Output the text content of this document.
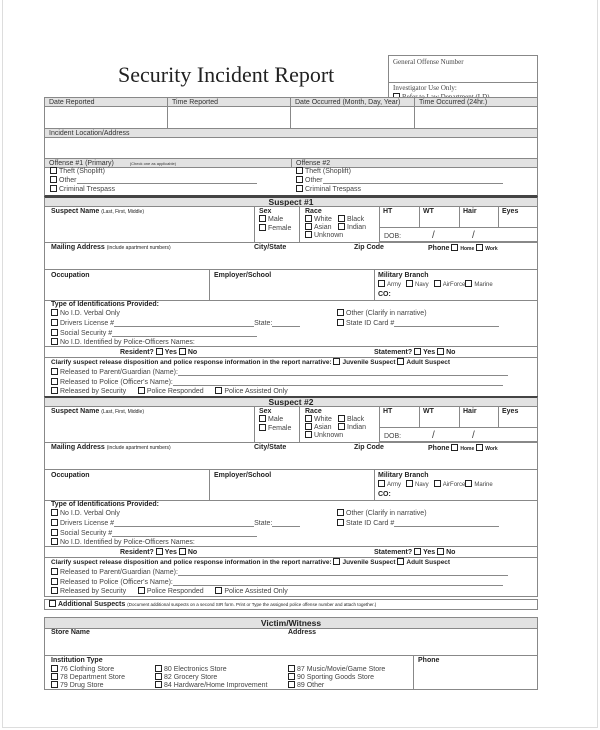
Security Incident Report	General Offense Number
Investigator Use Only:
Date Reported	Time Reported	Date Occurred (Month, Day, Year)	Time Occurred (24hr.)
Incident Location/Address
Offense #1 (Primary)	(Check one as applicable)	Offense #2
Theft (Shoplift)
Other
Criminal Trespass
Theft (Shoplift)
Other
Criminal Trespass
Suspect #1
Suspect Name (Last, First, Middle)	Sex
Male
Female
Race
White	Black
Asian	Indian
Unknown
HT	WT	Hair	Eyes
DOB:	/	/
Mailing Address (include apartment numbers)	City/State	Zip Code	Phone Home Work
Occupation	Employer/School	Military Branch
Army Navy AirForce Marine
CO:
Type of Identifications Provided:
No I.D. Verbal Only	Other (Clarify in narrative)
Drivers License #	State:	State ID Card #
Social Security #
No I.D. Identified by Police-Officers Names:
Resident? Yes No	Statement? Yes No
Clarify suspect release disposition and police response information in the report narrative: Juvenile Suspect Adult Suspect
Released to Parent/Guardian (Name):
Released to Police (Officer's Name):
Released by Security	Police Responded	Police Assisted Only
Suspect #2
Suspect Name (Last, First, Middle)	Sex
Male
Female
Race
White	Black
Asian	Indian
Unknown
HT	WT	Hair	Eyes
DOB:	/	/
Mailing Address (include apartment numbers)	City/State	Zip Code	Phone Home Work
Occupation	Employer/School	Military Branch
Army Navy AirForce Marine
CO:
Type of Identifications Provided:
No I.D. Verbal Only	Other (Clarify in narrative)
Drivers License #	State:	State ID Card #
Social Security #
No I.D. Identified by Police-Officers Names:
Resident? Yes No	Statement? Yes No
Clarify suspect release disposition and police response information in the report narrative: Juvenile Suspect Adult Suspect
Released to Parent/Guardian (Name):
Released to Police (Officer's Name):
Released by Security	Police Responded	Police Assisted Only
Additional Suspects (Document additional suspects on a second SIR form. Print or Type the assigned police offense number and attach together.)
Victim/Witness
Store Name	Address
Institution Type	Phone
76 Clothing Store
78 Department Store
79 Drug Store
80 Electronics Store
82 Grocery Store
84 Hardware/Home Improvement
87 Music/Movie/Game Store
90 Sporting Goods Store
89 Other
